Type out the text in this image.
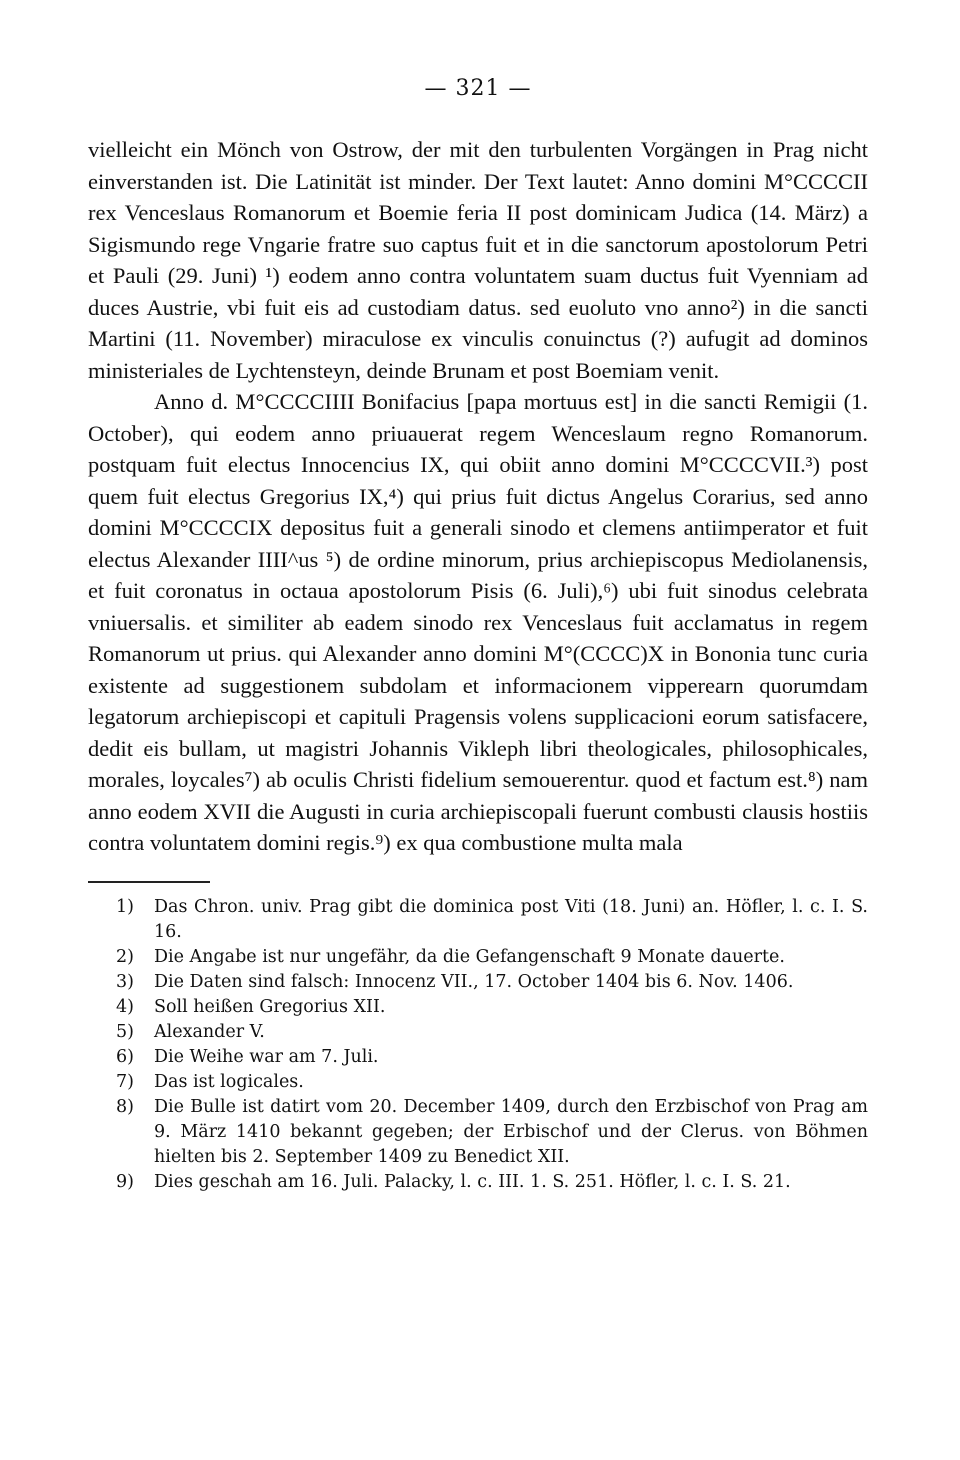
— 321 —

vielleicht ein Mönch von Ostrow, der mit den turbulenten Vorgängen in Prag nicht einverstanden ist. Die Latinität ist minder. Der Text lautet: Anno domini M°CCCCII rex Venceslaus Romanorum et Boemie feria II post dominicam Judica (14. März) a Sigismundo rege Vngarie fratre suo captus fuit et in die sanctorum apostolorum Petri et Pauli (29. Juni) ¹) eodem anno contra voluntatem suam ductus fuit Vyenniam ad duces Austrie, vbi fuit eis ad custodiam datus. sed euoluto vno anno²) in die sancti Martini (11. November) miraculose ex vinculis conuinctus (?) aufugit ad dominos ministeriales de Lychtensteyn, deinde Brunam et post Boemiam venit.

Anno d. M°CCCCIIII Bonifacius [papa mortuus est] in die sancti Remigii (1. October), qui eodem anno priuauerat regem Wenceslaum regno Romanorum. postquam fuit electus Innocencius IX, qui obiit anno domini M°CCCCVII.³) post quem fuit electus Gregorius IX,⁴) qui prius fuit dictus Angelus Corarius, sed anno domini M°CCCCIX depositus fuit a generali sinodo et clemens antiimperator et fuit electus Alexander IIII^us ⁵) de ordine minorum, prius archiepiscopus Mediolanensis, et fuit coronatus in octaua apostolorum Pisis (6. Juli),⁶) ubi fuit sinodus celebrata vniuersalis. et similiter ab eadem sinodo rex Venceslaus fuit acclamatus in regem Romanorum ut prius. qui Alexander anno domini M°(CCCC)X in Bononia tunc curia existente ad suggestionem subdolam et informacionem vipperearn quorumdam legatorum archiepiscopi et capituli Pragensis volens supplicacioni eorum satisfacere, dedit eis bullam, ut magistri Johannis Vikleph libri theologicales, philosophicales, morales, loycales⁷) ab oculis Christi fidelium semouerentur. quod et factum est.⁸) nam anno eodem XVII die Augusti in curia archiepiscopali fuerunt combusti clausis hostiis contra voluntatem domini regis.⁹) ex qua combustione multa mala

1)	Das Chron. univ. Prag gibt die dominica post Viti (18. Juni) an. Höfler, l. c. I. S. 16.
2)	Die Angabe ist nur ungefähr, da die Gefangenschaft 9 Monate dauerte.
3)	Die Daten sind falsch: Innocenz VII., 17. October 1404 bis 6. Nov. 1406.
4)	Soll heißen Gregorius XII.
5)	Alexander V.
6)	Die Weihe war am 7. Juli.
7)	Das ist logicales.
8)	Die Bulle ist datirt vom 20. December 1409, durch den Erzbischof von Prag am 9. März 1410 bekannt gegeben; der Erbischof und der Clerus. von Böhmen hielten bis 2. September 1409 zu Benedict XII.
9)	Dies geschah am 16. Juli. Palacky, l. c. III. 1. S. 251. Höfler, l. c. I. S. 21.
